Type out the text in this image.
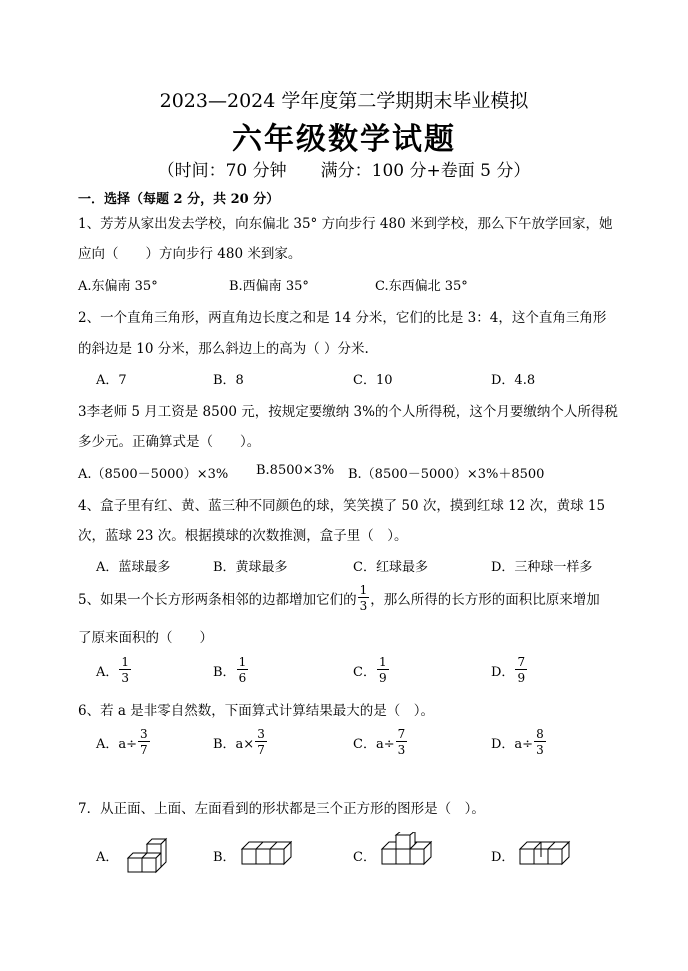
2023—2024 学年度第二学期期末毕业模拟
六年级数学试题
（时间：70 分钟 满分：100 分+卷面 5 分）
一．选择（每题 2 分，共 20 分）
1、芳芳从家出发去学校，向东偏北 35° 方向步行 480 米到学校，那么下午放学回家，她
应向（　　）方向步行 480 米到家。
A.东偏南 35°	B.西偏南 35°	C.东西偏北 35°
2、一个直角三角形，两直角边长度之和是 14 分米，它们的比是 3：4，这个直角三角形
的斜边是 10 分米，那么斜边上的高为（ ）分米.
A．7	B．8	C．10	D．4.8
3李老师 5 月工资是 8500 元，按规定要缴纳 3%的个人所得税，这个月要缴纳个人所得税
多少元。正确算式是（　　）。
A.（8500－5000）×3% B.8500×3% B.（8500－5000）×3%＋8500
4、盒子里有红、黄、蓝三种不同颜色的球，笑笑摸了 50 次，摸到红球 12 次，黄球 15
次，蓝球 23 次。根据摸球的次数推测，盒子里（　）。
A．蓝球最多	B．黄球最多	C．红球最多	D．三种球一样多
5、如果一个长方形两条相邻的边都增加它们的 $\frac{1}{3}$ ，那么所得的长方形的面积比原来增加
了原来面积的（　　）
A． $\frac{1}{3}$	B． $\frac{1}{6}$	C． $\frac{1}{9}$	D． $\frac{7}{9}$
6、若 a 是非零自然数，下面算式计算结果最大的是（　）。
A．$a\div \frac{3}{7}$	B．$a\times \frac{3}{7}$	C．$a\div \frac{7}{3}$	D．$a\div \frac{8}{3}$
7．从正面、上面、左面看到的形状都是三个正方形的图形是（　）。
A．	B．	C．	D．
